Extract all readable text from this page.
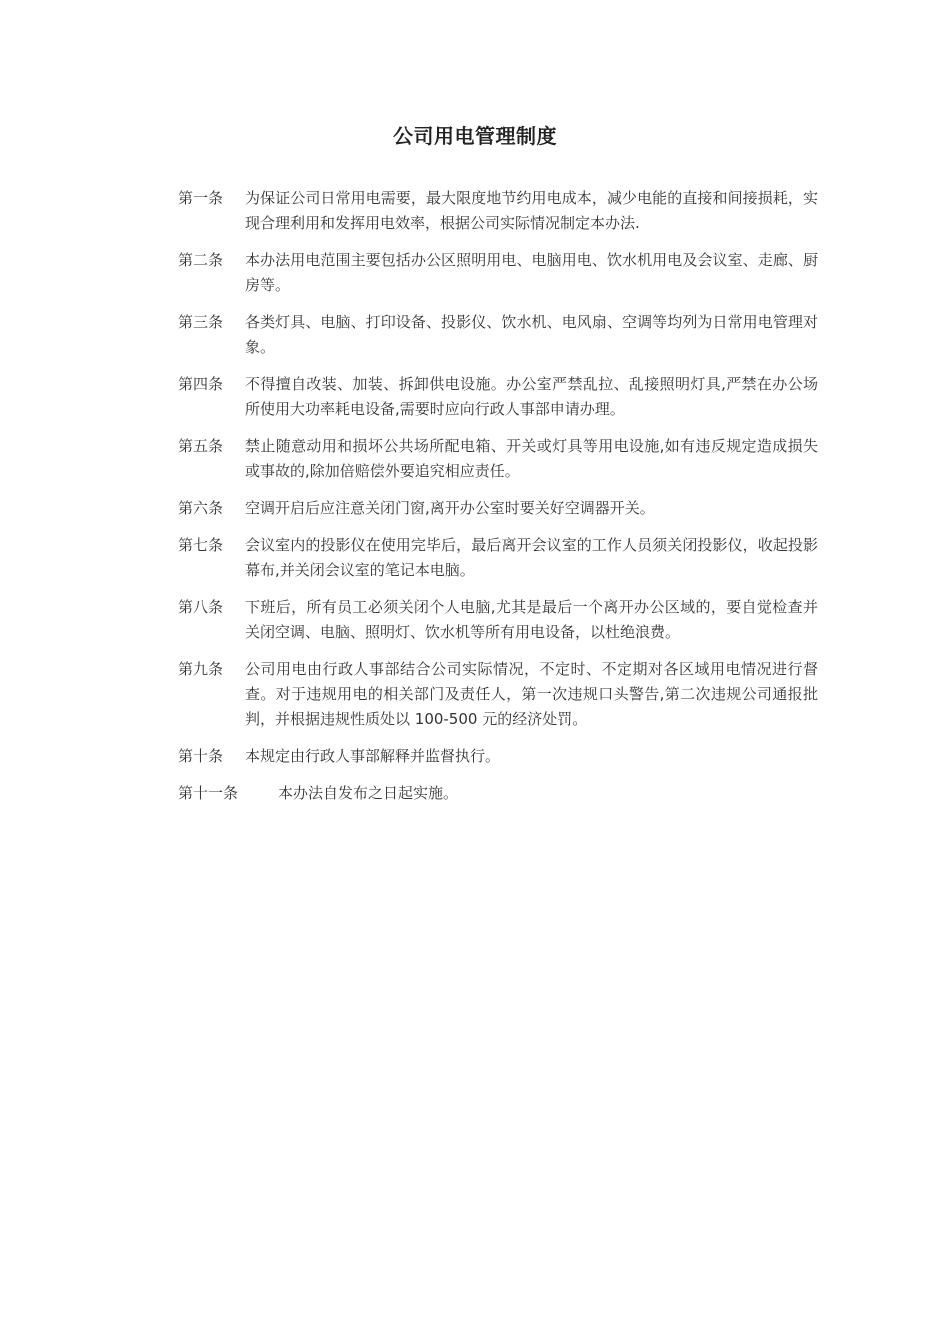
公司用电管理制度
第一条	为保证公司日常用电需要，最大限度地节约用电成本，减少电能的直接和间接损耗，实现合理利用和发挥用电效率，根据公司实际情况制定本办法.
第二条	本办法用电范围主要包括办公区照明用电、电脑用电、饮水机用电及会议室、走廊、厨房等。
第三条	各类灯具、电脑、打印设备、投影仪、饮水机、电风扇、空调等均列为日常用电管理对象。
第四条	不得擅自改装、加装、拆卸供电设施。办公室严禁乱拉、乱接照明灯具,严禁在办公场所使用大功率耗电设备,需要时应向行政人事部申请办理。
第五条	禁止随意动用和损坏公共场所配电箱、开关或灯具等用电设施,如有违反规定造成损失或事故的,除加倍赔偿外要追究相应责任。
第六条	空调开启后应注意关闭门窗,离开办公室时要关好空调器开关。
第七条	会议室内的投影仪在使用完毕后，最后离开会议室的工作人员须关闭投影仪，收起投影幕布,并关闭会议室的笔记本电脑。
第八条	下班后，所有员工必须关闭个人电脑,尤其是最后一个离开办公区域的，要自觉检查并关闭空调、电脑、照明灯、饮水机等所有用电设备，以杜绝浪费。
第九条	公司用电由行政人事部结合公司实际情况，不定时、不定期对各区域用电情况进行督查。对于违规用电的相关部门及责任人，第一次违规口头警告,第二次违规公司通报批判，并根据违规性质处以 100-500 元的经济处罚。
第十条	本规定由行政人事部解释并监督执行。
第十一条	本办法自发布之日起实施。
